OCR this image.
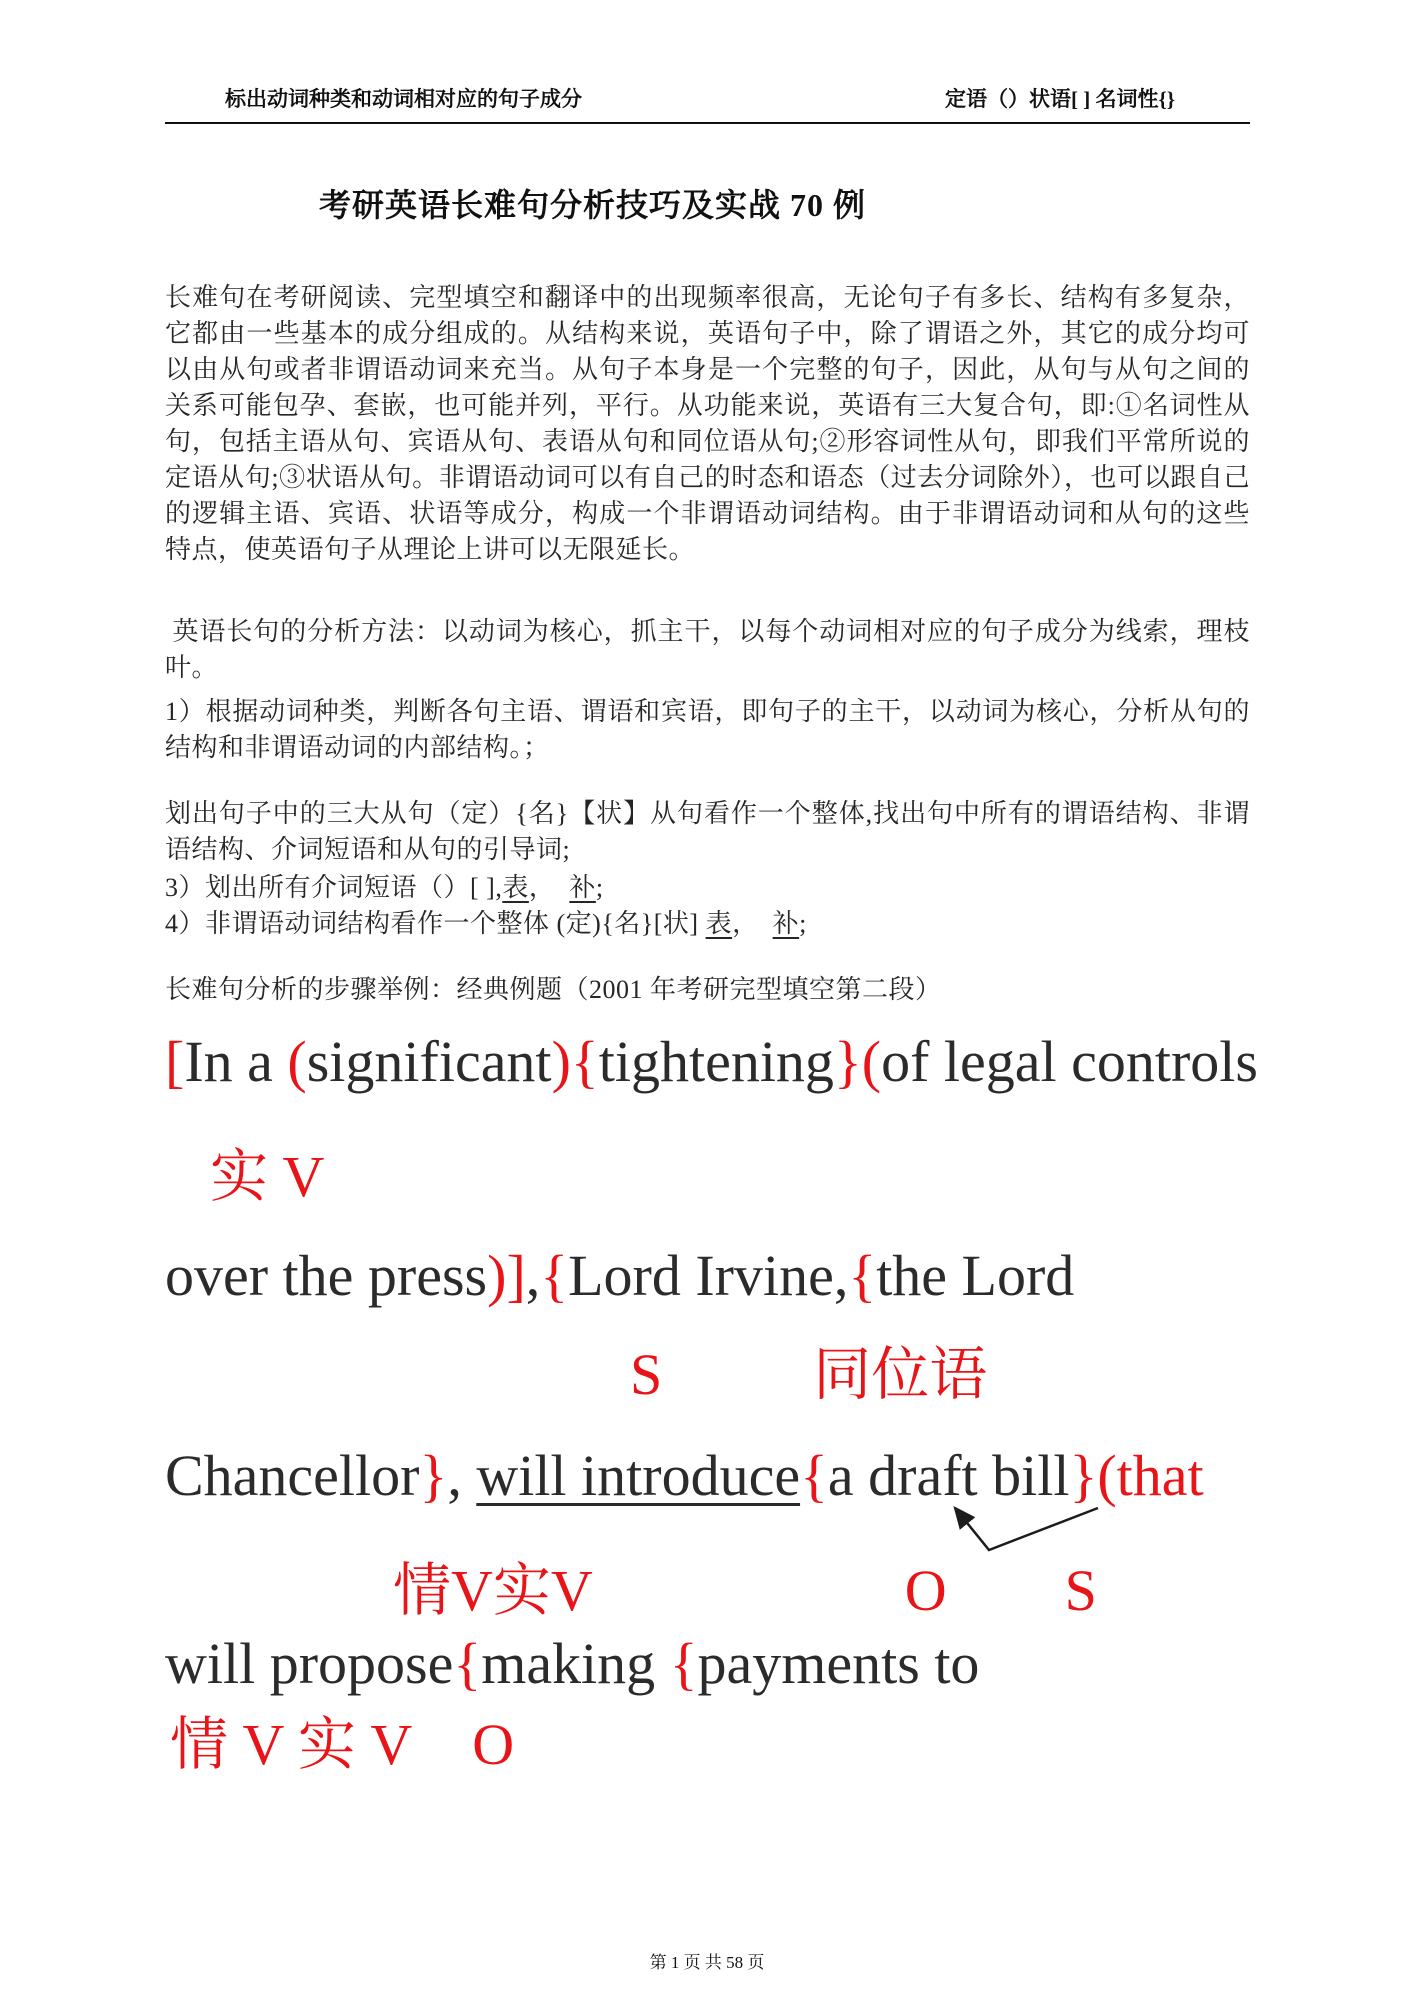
标出动词种类和动词相对应的句子成分	定语（）状语[ ] 名词性{}
考研英语长难句分析技巧及实战 70 例

长难句在考研阅读、完型填空和翻译中的出现频率很高，无论句子有多长、结构有多复杂，它都由一些基本的成分组成的。从结构来说，英语句子中，除了谓语之外，其它的成分均可以由从句或者非谓语动词来充当。从句子本身是一个完整的句子，因此，从句与从句之间的关系可能包孕、套嵌，也可能并列，平行。从功能来说，英语有三大复合句，即:①名词性从句，包括主语从句、宾语从句、表语从句和同位语从句;②形容词性从句，即我们平常所说的定语从句;③状语从句。非谓语动词可以有自己的时态和语态（过去分词除外），也可以跟自己的逻辑主语、宾语、状语等成分，构成一个非谓语动词结构。由于非谓语动词和从句的这些特点，使英语句子从理论上讲可以无限延长。

英语长句的分析方法：以动词为核心，抓主干，以每个动词相对应的句子成分为线索，理枝叶。

1）根据动词种类，判断各句主语、谓语和宾语，即句子的主干，以动词为核心，分析从句的结构和非谓语动词的内部结构。；

划出句子中的三大从句（定）{名}【状】从句看作一个整体,找出句中所有的谓语结构、非谓语结构、介词短语和从句的引导词;

3）划出所有介词短语（）[ ],表，  补;

4）非谓语动词结构看作一个整体 (定){名}[状] 表，  补;

长难句分析的步骤举例：经典例题（2001 年考研完型填空第二段）

[In a (significant){tightening}(of legal controls
实 V
over the press)],{Lord Irvine,{the Lord
S	同位语
Chancellor}, will introduce{a draft bill}(that
情V实V	O S
will propose{making {payments to
情 V 实 V O
第 1 页 共 58 页
